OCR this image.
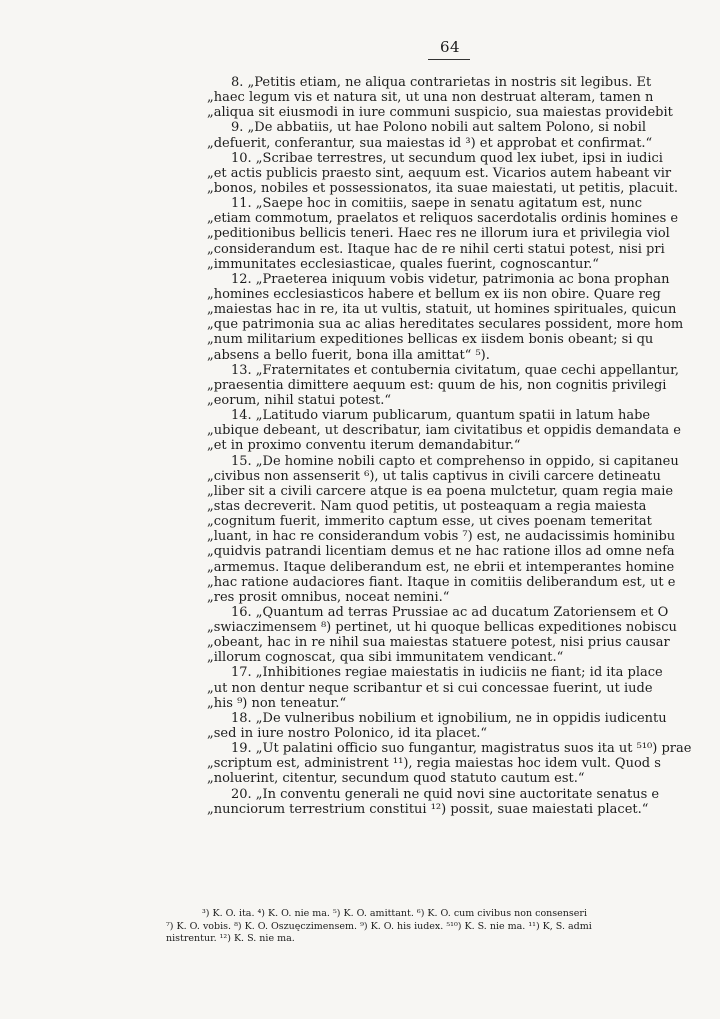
64
8. „Petitis etiam, ne aliqua contrarietas in nostris sit legibus. Et
„haec legum vis et natura sit, ut una non destruat alteram, tamen n
„aliqua sit eiusmodi in iure communi suspicio, sua maiestas providebit
9. „De abbatiis, ut hae Polono nobili aut saltem Polono, si nobil
„defuerit, conferantur, sua maiestas id ³) et approbat et confirmat.“
10. „Scribae terrestres, ut secundum quod lex iubet, ipsi in iudici
„et actis publicis praesto sint, aequum est. Vicarios autem habeant vir
„bonos, nobiles et possessionatos, ita suae maiestati, ut petitis, placuit.
11. „Saepe hoc in comitiis, saepe in senatu agitatum est, nunc
„etiam commotum, praelatos et reliquos sacerdotalis ordinis homines e
„peditionibus bellicis teneri. Haec res ne illorum iura et privilegia viol
„considerandum est. Itaque hac de re nihil certi statui potest, nisi pri
„immunitates ecclesiasticae, quales fuerint, cognoscantur.“
12. „Praeterea iniquum vobis videtur, patrimonia ac bona prophan
„homines ecclesiasticos habere et bellum ex iis non obire. Quare reg
„maiestas hac in re, ita ut vultis, statuit, ut homines spirituales, quicun
„que patrimonia sua ac alias hereditates seculares possident, more hom
„num militarium expeditiones bellicas ex iisdem bonis obeant; si qu
„absens a bello fuerit, bona illa amittat“ ⁵).
13. „Fraternitates et contubernia civitatum, quae cechi appellantur,
„praesentia dimittere aequum est: quum de his, non cognitis privilegi
„eorum, nihil statui potest.“
14. „Latitudo viarum publicarum, quantum spatii in latum habe
„ubique debeant, ut describatur, iam civitatibus et oppidis demandata e
„et in proximo conventu iterum demandabitur.“
15. „De homine nobili capto et comprehenso in oppido, si capitaneu
„civibus non assenserit ⁶), ut talis captivus in civili carcere detineatu
„liber sit a civili carcere atque is ea poena mulctetur, quam regia maie
„stas decreverit. Nam quod petitis, ut posteaquam a regia maiesta
„cognitum fuerit, immerito captum esse, ut cives poenam temeritat
„luant, in hac re considerandum vobis ⁷) est, ne audacissimis hominibu
„quidvis patrandi licentiam demus et ne hac ratione illos ad omne nefa
„armemus. Itaque deliberandum est, ne ebrii et intemperantes homine
„hac ratione audaciores fiant. Itaque in comitiis deliberandum est, ut e
„res prosit omnibus, noceat nemini.“
16. „Quantum ad terras Prussiae ac ad ducatum Zatoriensem et O
„swiaczimensem ⁸) pertinet, ut hi quoque bellicas expeditiones nobiscu
„obeant, hac in re nihil sua maiestas statuere potest, nisi prius causar
„illorum cognoscat, qua sibi immunitatem vendicant.“
17. „Inhibitiones regiae maiestatis in iudiciis ne fiant; id ita place
„ut non dentur neque scribantur et si cui concessae fuerint, ut iude
„his ⁹) non teneatur.“
18. „De vulneribus nobilium et ignobilium, ne in oppidis iudicentu
„sed in iure nostro Polonico, id ita placet.“
19. „Ut palatini officio suo fungantur, magistratus suos ita ut ⁵¹⁰) prae
„scriptum est, administrent ¹¹), regia maiestas hoc idem vult. Quod s
„noluerint, citentur, secundum quod statuto cautum est.“
20. „In conventu generali ne quid novi sine auctoritate senatus e
„nunciorum terrestrium constitui ¹²) possit, suae maiestati placet.“
³) K. O. ita. ⁴) K. O. nie ma. ⁵) K. O. amittant. ⁶) K. O. cum civibus non consenseri
⁷) K. O. vobis. ⁸) K. O. Oszuęczimensem. ⁹) K. O. his iudex. ⁵¹⁰) K. S. nie ma. ¹¹) K, S. admi
nistrentur. ¹²) K. S. nie ma.
